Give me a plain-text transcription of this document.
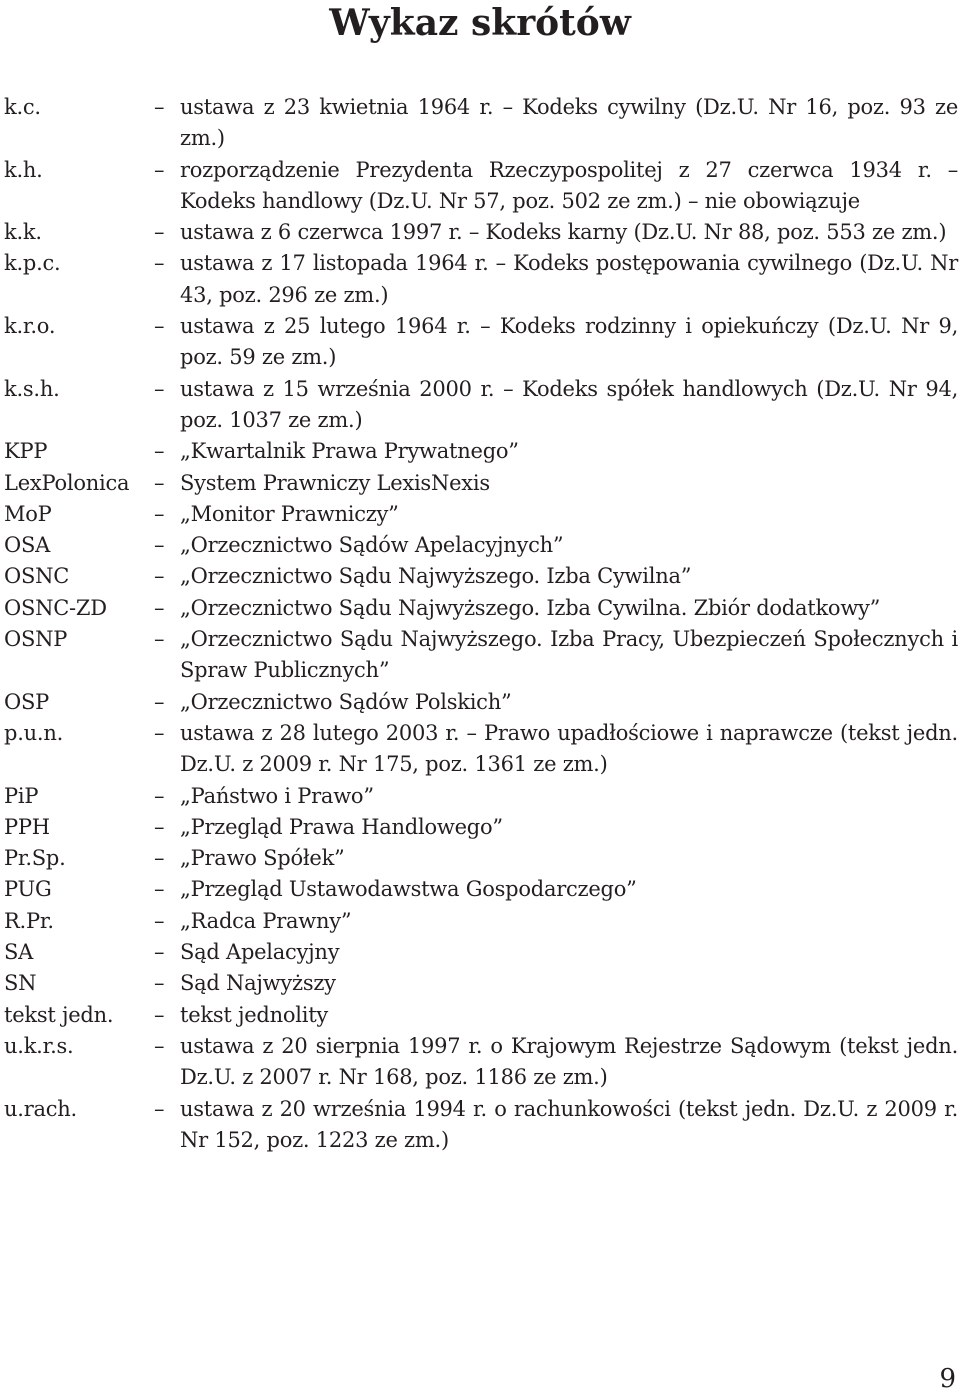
Wykaz skrótów
k.c.	– ustawa z 23 kwietnia 1964 r. – Kodeks cywilny (Dz.U. Nr 16, poz. 93 ze zm.)
k.h.	– rozporządzenie Prezydenta Rzeczypospolitej z 27 czerwca 1934 r. – Kodeks handlowy (Dz.U. Nr 57, poz. 502 ze zm.) – nie obowiązuje
k.k.	– ustawa z 6 czerwca 1997 r. – Kodeks karny (Dz.U. Nr 88, poz. 553 ze zm.)
k.p.c.	– ustawa z 17 listopada 1964 r. – Kodeks postępowania cywilnego (Dz.U. Nr 43, poz. 296 ze zm.)
k.r.o.	– ustawa z 25 lutego 1964 r. – Kodeks rodzinny i opiekuńczy (Dz.U. Nr 9, poz. 59 ze zm.)
k.s.h.	– ustawa z 15 września 2000 r. – Kodeks spółek handlowych (Dz.U. Nr 94, poz. 1037 ze zm.)
KPP	– „Kwartalnik Prawa Prywatnego”
LexPolonica	– System Prawniczy LexisNexis
MoP	– „Monitor Prawniczy”
OSA	– „Orzecznictwo Sądów Apelacyjnych”
OSNC	– „Orzecznictwo Sądu Najwyższego. Izba Cywilna”
OSNC-ZD	– „Orzecznictwo Sądu Najwyższego. Izba Cywilna. Zbiór dodatkowy”
OSNP	– „Orzecznictwo Sądu Najwyższego. Izba Pracy, Ubezpieczeń Społecznych i Spraw Publicznych”
OSP	– „Orzecznictwo Sądów Polskich”
p.u.n.	– ustawa z 28 lutego 2003 r. – Prawo upadłościowe i naprawcze (tekst jedn. Dz.U. z 2009 r. Nr 175, poz. 1361 ze zm.)
PiP	– „Państwo i Prawo”
PPH	– „Przegląd Prawa Handlowego”
Pr.Sp.	– „Prawo Spółek”
PUG	– „Przegląd Ustawodawstwa Gospodarczego”
R.Pr.	– „Radca Prawny”
SA	– Sąd Apelacyjny
SN	– Sąd Najwyższy
tekst jedn.	– tekst jednolity
u.k.r.s.	– ustawa z 20 sierpnia 1997 r. o Krajowym Rejestrze Sądowym (tekst jedn. Dz.U. z 2007 r. Nr 168, poz. 1186 ze zm.)
u.rach.	– ustawa z 20 września 1994 r. o rachunkowości (tekst jedn. Dz.U. z 2009 r. Nr 152, poz. 1223 ze zm.)
9
